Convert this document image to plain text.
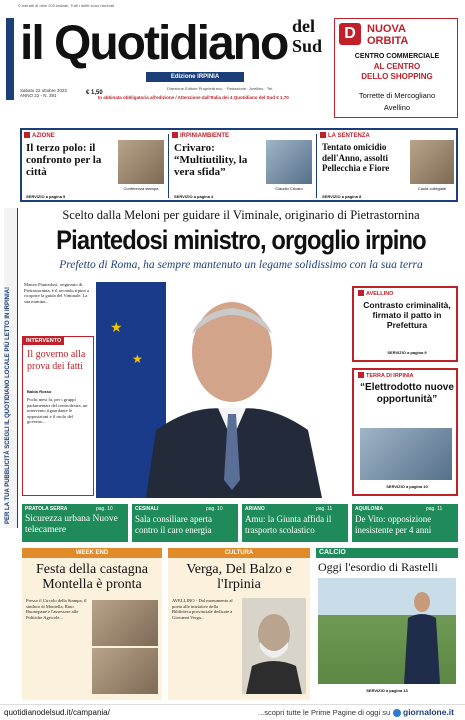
© estratti di oltre 200 testate, Tutti i diritti sono riservati
il Quotidiano del Sud
Edizione IRPINIA
Sabato 22 ottobre 2022
ANNO 22 - N. 391	€ 1,50
Direzione Editore Proprietà ecc. · Redazione · Avellino · Tel.
In abbinata obbligatoria all'edizione / Attenzione dall'Italia dei 4 Quotidiano del Sud € 1,70
D	NUOVA
ORBITA
CENTRO COMMERCIALE
AL CENTRO
DELLO SHOPPING
Torrette di Mercogliano
Avellino
AZIONE
Il terzo polo: il confronto per la città
Conferenza stampa
SERVIZIO a pagina 5
IRPINIAMBIENTE
Crivaro: “Multiutility, la vera sfida”
Claudio Crivaro
SERVIZIO a pagina 4
LA SENTENZA
Tentato omicidio dell'Anno, assolti Pellecchia e Fiore
Caula collegiale
SERVIZIO a pagina 8
PER LA TUA PUBBLICITÀ SCEGLI IL QUOTIDIANO LOCALE PIÙ LETTO IN IRPINIA!
Scelto dalla Meloni per guidare il Viminale, originario di Pietrastornina
Piantedosi ministro, orgoglio irpino
Prefetto di Roma, ha sempre mantenuto un legame solidissimo con la sua terra
Matteo Piantedosi, originario di Pietrastornina, è il secondo irpino a ricoprire la guida del Viminale. La sua nomina...
INTERVENTO
Il governo alla prova dei fatti
Baldo Rosso
Pochi mesi fa, per i gruppi parlamentari del centrodestra, un intervento riguardante le opposizioni e il ruolo del governo...
★
★
AVELLINO
Contrasto criminalità, firmato il patto in Prefettura
SERVIZIO a pagina 9
TERRA DI IRPINIA
“Elettrodotto nuove opportunità”
SERVIZIO a pagina 10
PRATOLA SERRA	pag. 10
Sicurezza urbana Nuove telecamere
CESINALI	pag. 10
Sala consiliare aperta contro il caro energia
ARIANO	pag. 11
Amu: la Giunta affida il trasporto scolastico
AQUILONIA	pag. 11
De Vito: opposizione inesistente per 4 anni
WEEK END
Festa della castagna Montella è pronta
Presso il Circolo della Stampa, il sindaco di Montella, Rino Buonopane e l'assessore alle Politiche Agricole...
CULTURA
Verga, Del Balzo e l'Irpinia
AVELLINO - Dal monumento al poeta alle iniziative della Biblioteca provinciale dedicate a Giovanni Verga...
CALCIO
Oggi l'esordio di Rastelli
SERVIZIO a pagina 13
quotidianodelsud.it/campania/	...scopri tutte le Prime Pagine di oggi su giornalone.it
